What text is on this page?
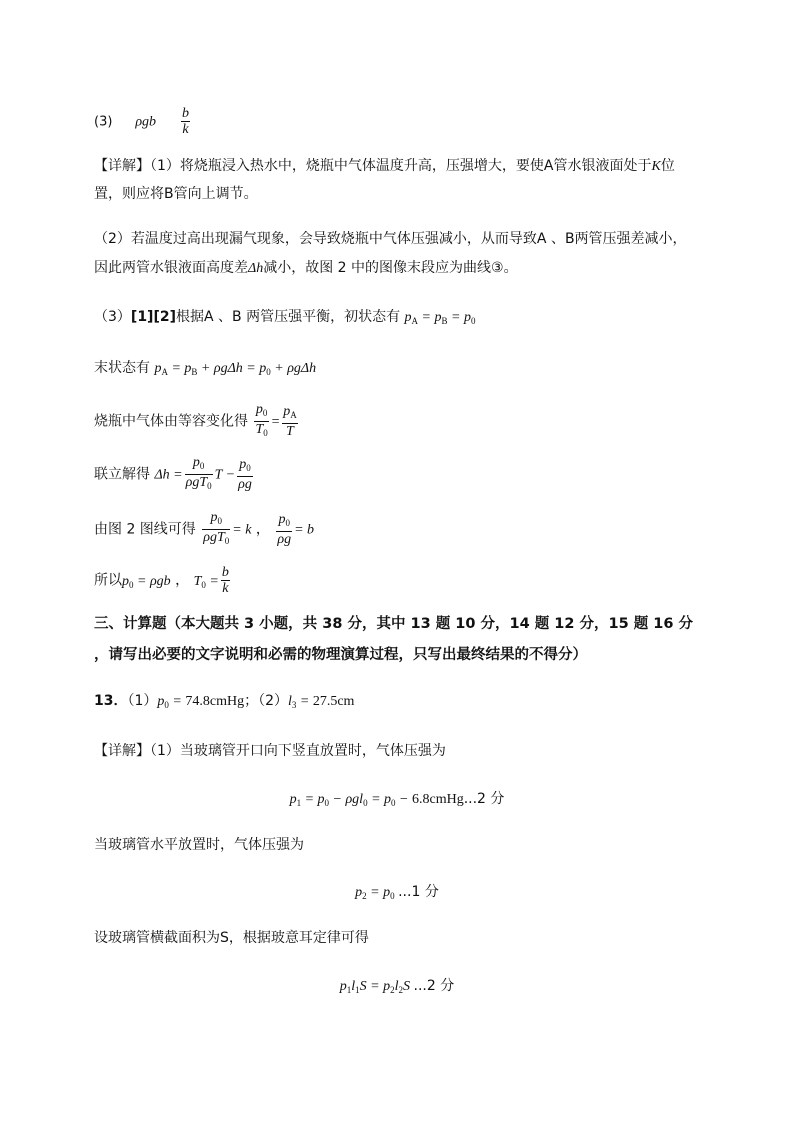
(3) ρgb $\frac{b}{k}$
【详解】（1）将烧瓶浸入热水中，烧瓶中气体温度升高，压强增大，要使A管水银液面处于K位
置，则应将B管向上调节。
（2）若温度过高出现漏气现象，会导致烧瓶中气体压强减小，从而导致A 、B两管压强差减小，
因此两管水银液面高度差Δh减小，故图 2 中的图像末段应为曲线③。
（3）[1][2]根据A 、B 两管压强平衡，初状态有 $p_A = p_B = p_0$
末状态有 $p_A = p_B + \rho g\Delta h = p_0 + \rho g\Delta h$
烧瓶中气体由等容变化得 $\frac{p_0}{T_0} = \frac{p_A}{T}$
联立解得 $\Delta h = \frac{p_0}{\rho gT_0}$ $T - \frac{p_0}{\rho g}$
由图 2 图线可得 $\frac{p_0}{\rho gT_0} = k$ ， $\frac{p_0}{\rho g} = b$
所以$p_0 = \rho gb$ ， $T_0 = \frac{b}{k}$
三、计算题（本大题共 3 小题，共 38 分，其中 13 题 10 分，14 题 12 分，15 题 16 分
，请写出必要的文字说明和必需的物理演算过程，只写出最终结果的不得分）
13．$(1)p_0$ = 74.8cmHg；$(2)l_3 = 27.5cm$
【详解】（1）当玻璃管开口向下竖直放置时，气体压强为
$p_1 = p_0 - \rho gl_0 = p_0$ − 6.8cmHg...2 分
当玻璃管水平放置时，气体压强为
$p_2 = p_0$ ...1 分
设玻璃管横截面积为S，根据玻意耳定律可得
$p_1l_1S = p_2l_2S$ ...2 分
